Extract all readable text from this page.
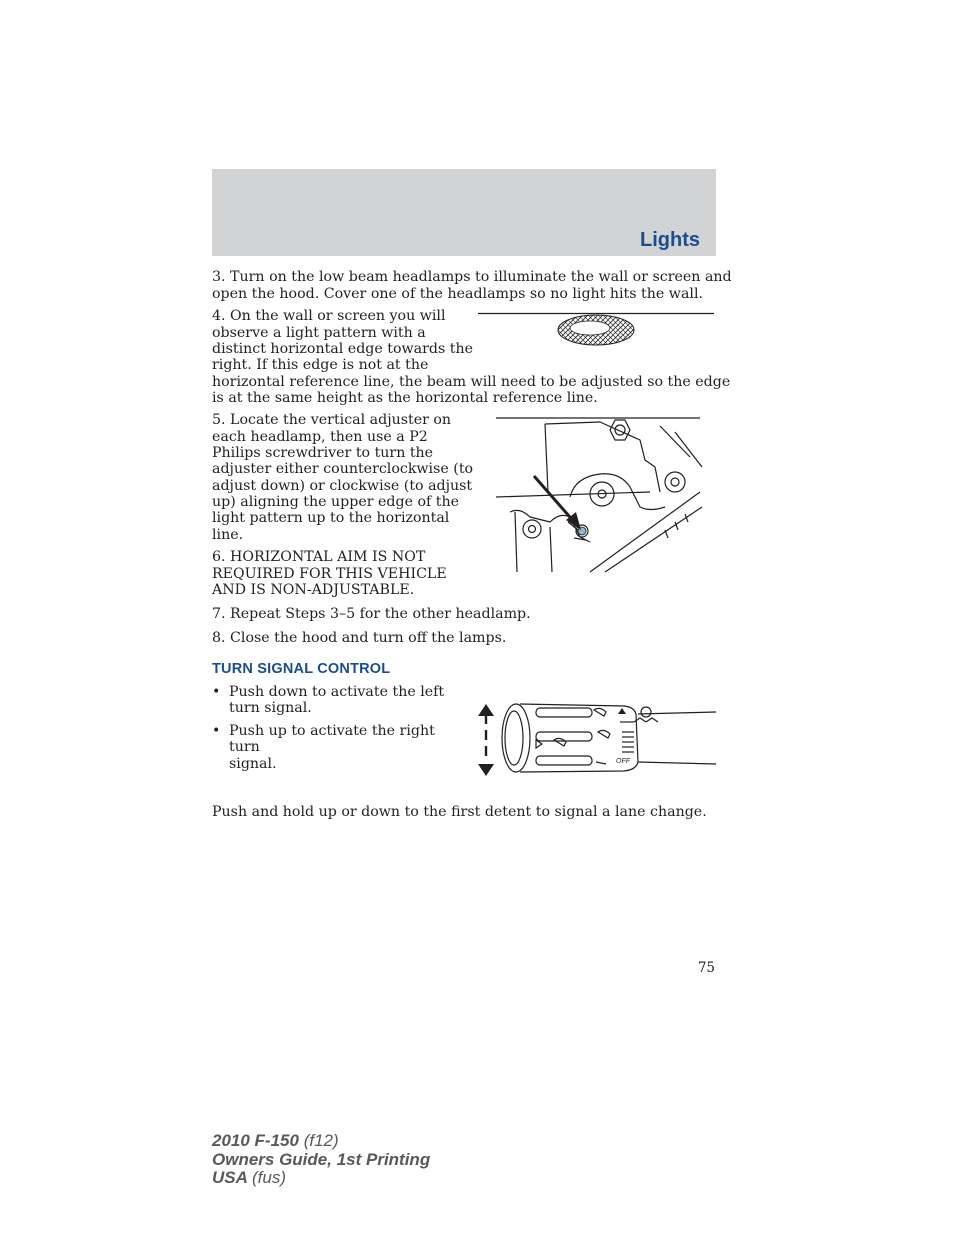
Lights
3. Turn on the low beam headlamps to illuminate the wall or screen and
open the hood. Cover one of the headlamps so no light hits the wall.
4. On the wall or screen you will
observe a light pattern with a
distinct horizontal edge towards the
right. If this edge is not at the
horizontal reference line, the beam will need to be adjusted so the edge
is at the same height as the horizontal reference line.
5. Locate the vertical adjuster on
each headlamp, then use a P2
Philips screwdriver to turn the
adjuster either counterclockwise (to
adjust down) or clockwise (to adjust
up) aligning the upper edge of the
light pattern up to the horizontal
line.
6. HORIZONTAL AIM IS NOT
REQUIRED FOR THIS VEHICLE
AND IS NON-ADJUSTABLE.
7. Repeat Steps 3–5 for the other headlamp.
8. Close the hood and turn off the lamps.
TURN SIGNAL CONTROL
• Push down to activate the left
turn signal.
• Push up to activate the right turn
signal.	OFF
Push and hold up or down to the first detent to signal a lane change.
75
2010 F-150 (f12)
Owners Guide, 1st Printing
USA (fus)
